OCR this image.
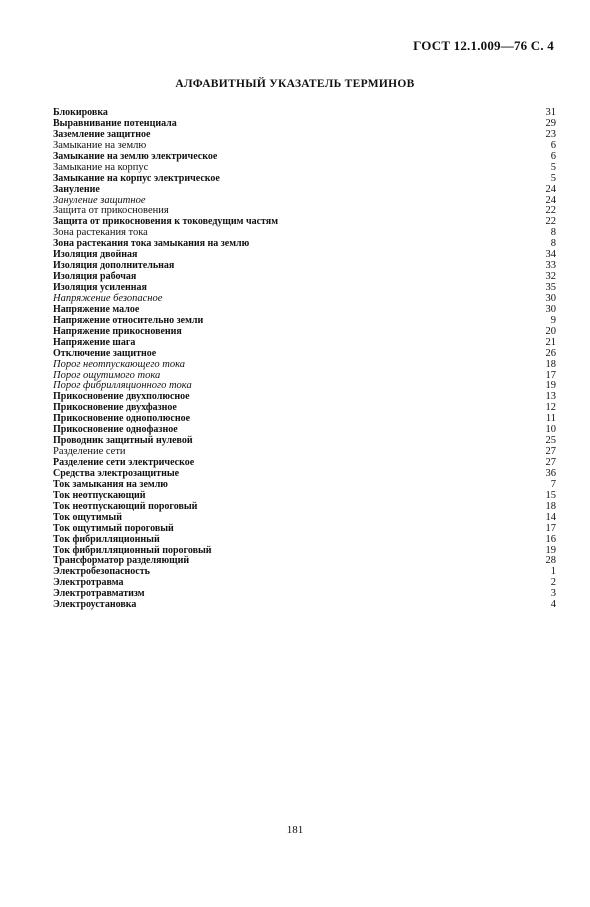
ГОСТ 12.1.009—76 С. 4
АЛФАВИТНЫЙ УКАЗАТЕЛЬ ТЕРМИНОВ
Блокировка	31
Выравнивание потенциала	29
Заземление защитное	23
Замыкание на землю	6
Замыкание на землю электрическое	6
Замыкание на корпус	5
Замыкание на корпус электрическое	5
Зануление	24
Зануление защитное	24
Защита от прикосновения	22
Защита от прикосновения к токоведущим частям	22
Зона растекания тока	8
Зона растекания тока замыкания на землю	8
Изоляция двойная	34
Изоляция дополнительная	33
Изоляция рабочая	32
Изоляция усиленная	35
Напряжение безопасное	30
Напряжение малое	30
Напряжение относительно земли	9
Напряжение прикосновения	20
Напряжение шага	21
Отключение защитное	26
Порог неотпускающего тока	18
Порог ощутимого тока	17
Порог фибрилляционного тока	19
Прикосновение двухполюсное	13
Прикосновение двухфазное	12
Прикосновение однополюсное	11
Прикосновение однофазное	10
Проводник защитный нулевой	25
Разделение сети	27
Разделение сети электрическое	27
Средства электрозащитные	36
Ток замыкания на землю	7
Ток неотпускающий	15
Ток неотпускающий пороговый	18
Ток ощутимый	14
Ток ощутимый пороговый	17
Ток фибрилляционный	16
Ток фибрилляционный пороговый	19
Трансформатор разделяющий	28
Электробезопасность	1
Электротравма	2
Электротравматизм	3
Электроустановка	4
181
